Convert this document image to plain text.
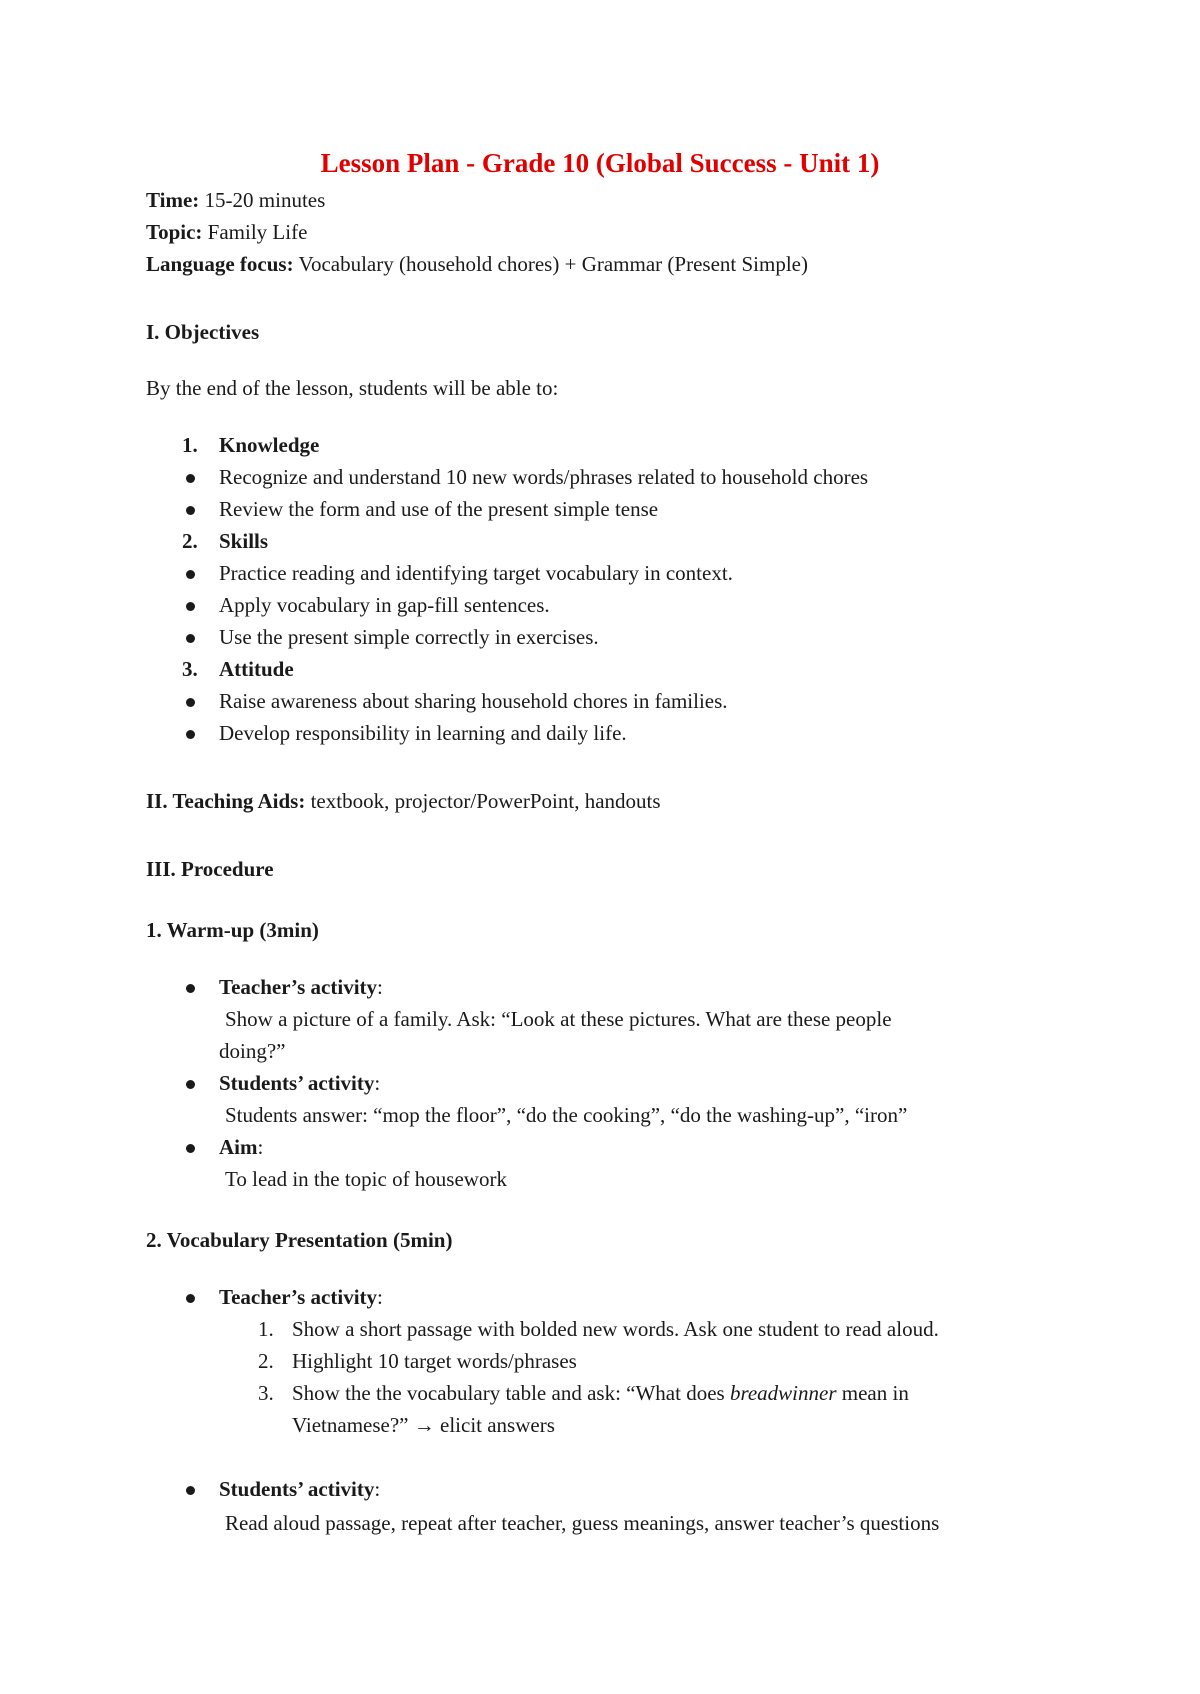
Lesson Plan - Grade 10 (Global Success - Unit 1)
Time: 15-20 minutes
Topic: Family Life
Language focus: Vocabulary (household chores) + Grammar (Present Simple)
I. Objectives
By the end of the lesson, students will be able to:
1. Knowledge
Recognize and understand 10 new words/phrases related to household chores
Review the form and use of the present simple tense
2. Skills
Practice reading and identifying target vocabulary in context.
Apply vocabulary in gap-fill sentences.
Use the present simple correctly in exercises.
3. Attitude
Raise awareness about sharing household chores in families.
Develop responsibility in learning and daily life.
II. Teaching Aids: textbook, projector/PowerPoint, handouts
III. Procedure
1. Warm-up (3min)
Teacher’s activity:
Show a picture of a family. Ask: “Look at these pictures. What are these people
doing?”
Students’ activity:
Students answer: “mop the floor”, “do the cooking”, “do the washing-up”, “iron”
Aim:
To lead in the topic of housework
2. Vocabulary Presentation (5min)
Teacher’s activity:
1. Show a short passage with bolded new words. Ask one student to read aloud.
2. Highlight 10 target words/phrases
3. Show the the vocabulary table and ask: “What does breadwinner mean in
Vietnamese?” → elicit answers
Students’ activity:
Read aloud passage, repeat after teacher, guess meanings, answer teacher’s questions
